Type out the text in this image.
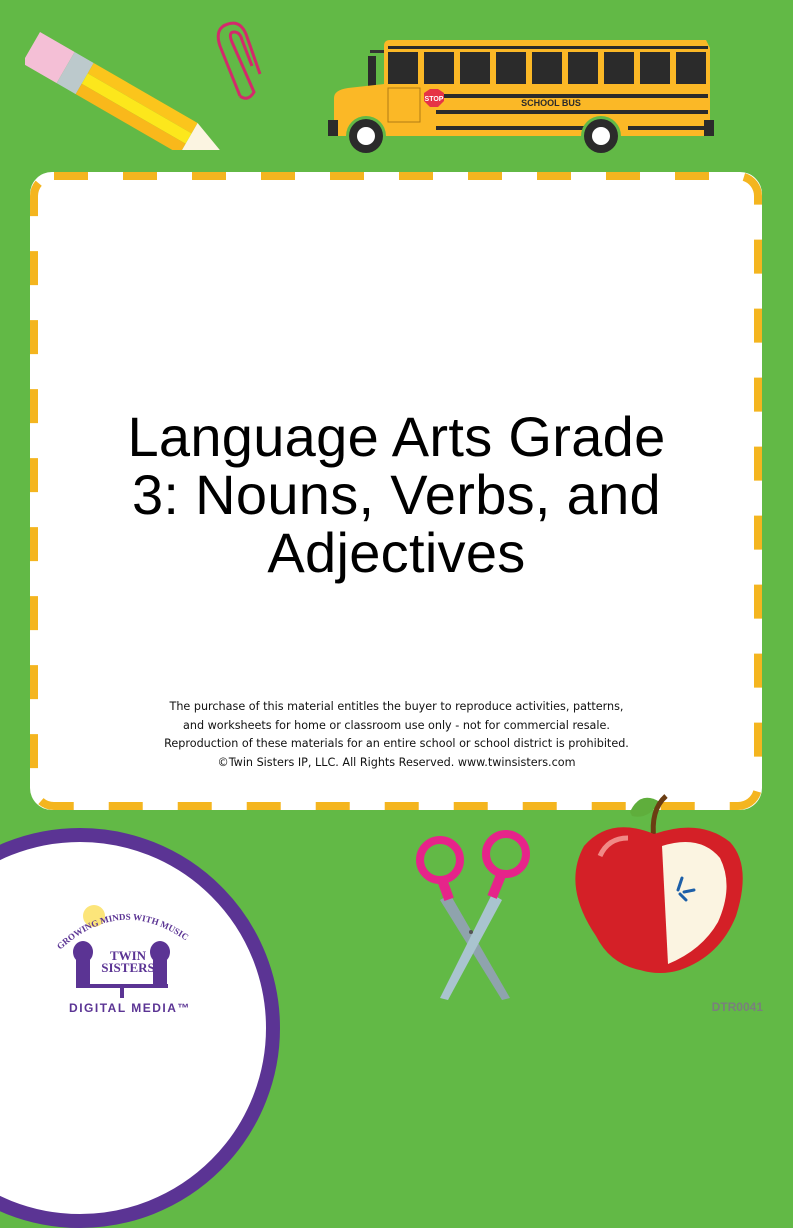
STOP	SCHOOL BUS
Language Arts Grade
3: Nouns, Verbs, and
Adjectives
The purchase of this material entitles the buyer to reproduce activities, patterns,
and worksheets for home or classroom use only - not for commercial resale.
Reproduction of these materials for an entire school or school district is prohibited.
©Twin Sisters IP, LLC. All Rights Reserved. www.twinsisters.com
GROWING MINDS WITH MUSIC
TWIN
SISTERS
DIGITAL MEDIA™	DTR0041
